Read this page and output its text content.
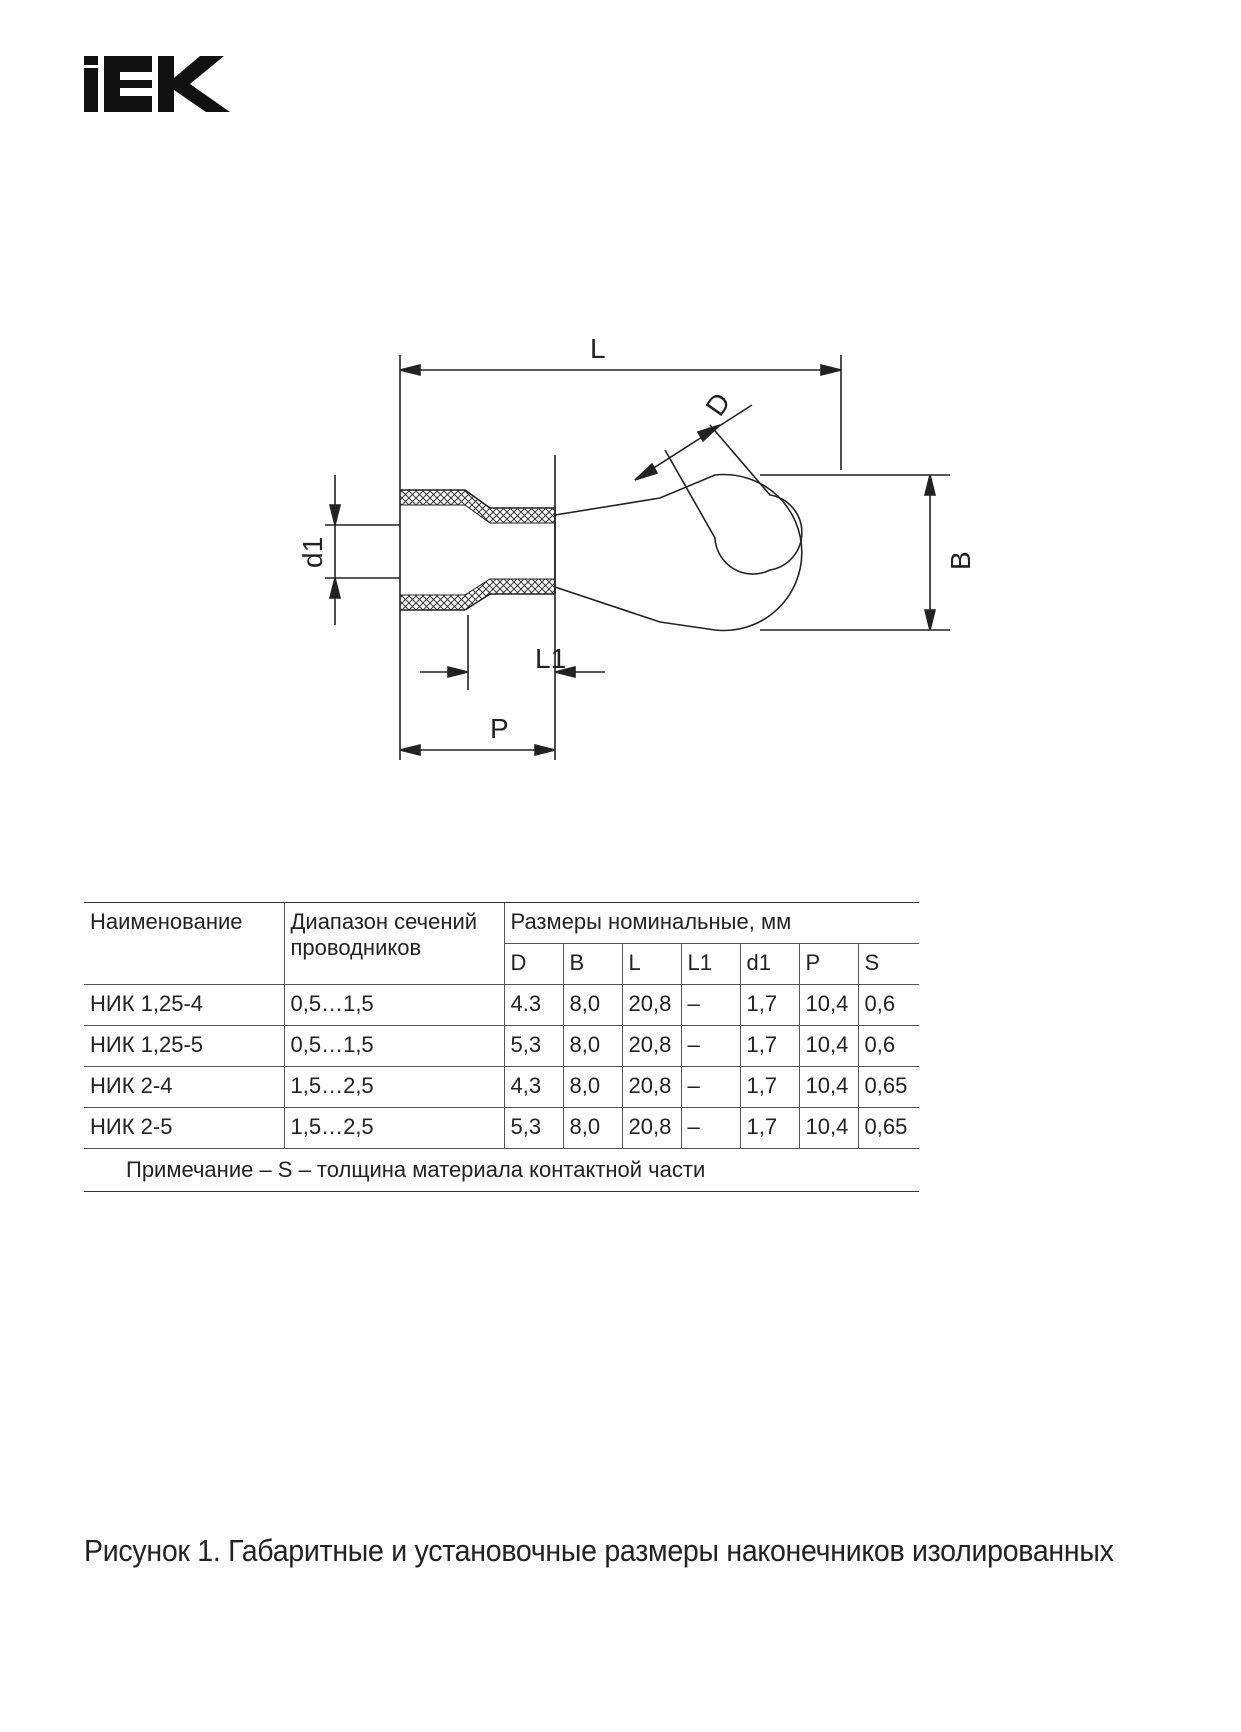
L
D
B
d1
L1
P
Наименование	Диапазон сечений проводников	Размеры номинальные, мм						
		D	B	L	L1	d1	P	S
НИК 1,25-4	0,5…1,5	4.3	8,0	20,8	–	1,7	10,4	0,6
НИК 1,25-5	0,5…1,5	5,3	8,0	20,8	–	1,7	10,4	0,6
НИК 2-4	1,5…2,5	4,3	8,0	20,8	–	1,7	10,4	0,65
НИК 2-5	1,5…2,5	5,3	8,0	20,8	–	1,7	10,4	0,65
Примечание – S – толщина материала контактной части								
Рисунок 1. Габаритные и установочные размеры наконечников изолированных
